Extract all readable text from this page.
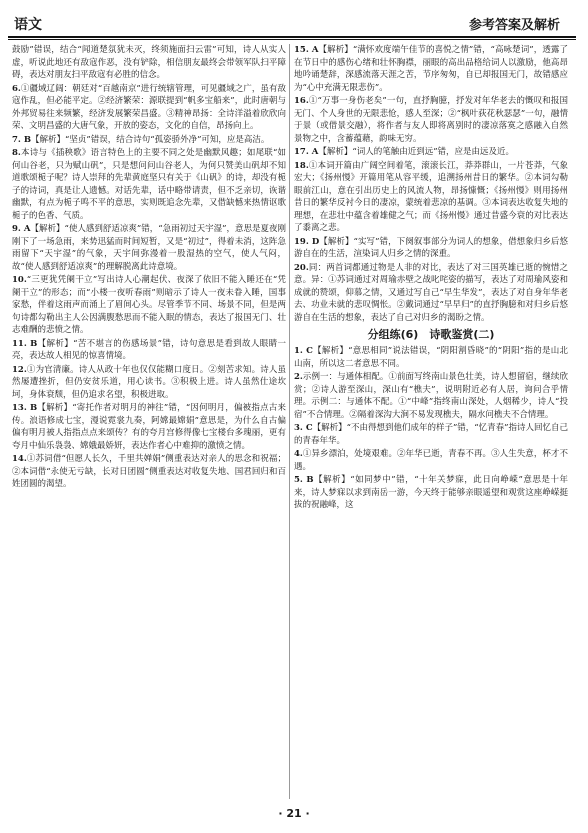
语文	参考答案及解析
鼓励”错误，结合“闻道楚氛犹未灭，终须施面扫云雷”可知，诗人从实人虚，听说此地还有敌寇作恶，没有铲除，相信朋友最终会带领军队扫平障碍，表达对朋友扫平敌寇有必胜的信念。
6.①疆域辽阔：朝廷对“百越南京”进行统辖管理，可见疆域之广，虽有敌寇作乱，但必能平定。②经济繁荣：源联提到“帆多宝船来”，此时唐朝与外邦贸易往来频繁，经济发展繁荣昌盛。③精神昂扬：全诗洋溢着欣欣向荣、文明昌盛的大唐气象，开放的姿态，文化的自信，昂扬向上。
7. B【解析】“坚贞”错误，结合诗句“孤姿骄外净”可知，应是高洁。
8.本诗与《插秧歌》语言特色上的主要不同之处是幽默风趣；如尾联“如何山谷老，只为赋山矾”，只是想问问山谷老人，为何只赞美山矾却不知道歌颂栀子呢？诗人崇拜的先辈黄庭坚只有关于《山矾》的诗，却没有栀子的诗词，真是让人遗憾。对话先辈，话中略带请责，但不乏亲切，诙谐幽默，有点为栀子鸣不平的意思，实则既追念先辈，又借缺憾来热情讴歌栀子的色香、气质。
9. A【解析】“使人感到舒适凉爽”错，“急雨初过天宇湿”，意思是夏夜刚刚下了一场急雨，来势迅猛而时间短暂，又是“初过”，得着未消，这阵急雨留下“天宇湿”的气象，天宇间弥漫着一股湿热的空气，使人气闷，故“使人感到舒适凉爽”的理解脱离此诗意境。
10.“三更犹凭阑干立”写出诗人心潮起伏、夜深了依旧不能入睡还在“凭阑干立”的形态；而“小楼一夜听春雨”则暗示了诗人一夜未眷入睡，国事家愁，伴着这雨声而涌上了眉间心头。尽管季节不同、场景不同，但是两句诗都勾勒出主人公因满腹愁思而不能入眠的情态，表达了报国无门、壮志难酬的悲愤之情。
11. B【解析】“苦不堪言的伤感场景”错，诗句意思是看到故人眼睛一亮，表达故人相见的惊喜情境。
12.①为官清廉。诗人从政十年也仅仅能糊口度日。②刻苦求知。诗人虽然屡遭挫折，但仍安贫乐道，用心读书。③积极上进。诗人虽然仕途坎坷，身体衰颓，但仍追求名望，积极进取。
13. B【解析】“寄托作者对明月的神往”错，“因何明月，偏被指点古来传。浪语修成七宝，漫说霓裳九奏，阿嫦最嫦娟”意思是，为什么自古偏偏有明月被人指指点点来颂传？有的夸月宫修得像七宝楼台多瑰丽，更有夸月中仙乐袅袅、嫦娥最娇妍，表达作者心中难抑的激愤之情。
14.①苏词借“但愿人长久，千里共婵娟”侧重表达对亲人的思念和祝福；②本词借“永使无亏缺，长对日团圆”侧重表达对收复失地、国君回归和百姓团圆的渴望。
15. A【解析】“满怀欢度端午佳节的喜悦之情”错，“高咏楚词”，透露了在节日中的感伤心绪和壮怀胸襟，丽眼的高出品格给词人以激励，他高昂地吟诵楚辞，深感流落天涯之苦，节序匆匆，自已却报国无门，故错感应为“心中充满无限悲伤”。
16.①“万事一身伤老矣”一句，直抒胸臆，抒发对年华老去的慨叹和报国无门、个人身世的无限悲怆，感人至深；②“枫叶荻花秋瑟瑟”一句，融情于景（或借景交融），将作者与友人即将离别时的凄凉落寞之感融入自然景物之中，含蓄蕴藉，韵味无穷。
17. A【解析】“词人的笔触由近到远”错，应是由远及近。
18.①本词开篇由广阔空间着笔，滚滚长江，莽莽群山，一片苍莽，气象宏大；《扬州慢》开篇用笔从容平缓，追溯扬州昔日的繁华。②本词勾勒眼前江山，意在引出历史上的风流人物，昂扬慷慨；《扬州慢》则用扬州昔日的繁华反衬今日的凄凉，蒙统着悲凉的基调。③本词表达收复失地的理想，在悲壮中蕴含着雄健之气；而《扬州慢》通过昔盛今衰的对比表达了黍离之悲。
19. D【解析】“实写”错，下阕叙事部分为词人的想象，借想象归乡后悠游自在的生活，渲染词人归乡之情的深重。
20.同：两首词都通过物是人非的对比，表达了对三国英雄已逝的惋惜之意。异：①苏词通过对周瑜赤壁之战叱咤姿的描写，表达了对周瑜风姿和成就的赞颂，仰慕之情，又通过写自己“早生华发”，表达了对自身年华老去、功业未就的悲叹惆怅。②戴词通过“早早归”的直抒胸臆和对归乡后悠游自在生活的想象，表达了自己对归乡的渴盼之情。
分组练(6)　诗歌鉴赏(二)
1. C【解析】“意思相同”说法错误，“阴阳割昏晓”的“阴阳”指的是山北山南，所以这二者意思不同。
2.示例一：与通体相配。①前面写终南山景色壮美，诗人想留宿，继续欣赏；②诗人游至深山，深山有“樵夫”，说明附近必有人居，询问合乎情理。示例二：与通体不配。①“中峰”指终南山深处，人烟稀少，诗人“投宿”不合情理。②隔着深沟大涧不易发现樵夫，隔水问樵夫不合情理。
3. C【解析】“不由得想到他们成年的样子”错，“忆青春”指诗人回忆自己的青春年华。
4.①异乡漂泊，处境艰难。②年华已逝，青春不再。③人生失意，杯才不遇。
5. B【解析】“如同梦中”错，“十年关梦寐，此日向峥嵘”意思是十年来，诗人梦寐以求到南岳一游，今天终于能够亲眼遥望和观赏这座峥嵘挺拔的祝融峰，这
· 21 ·
